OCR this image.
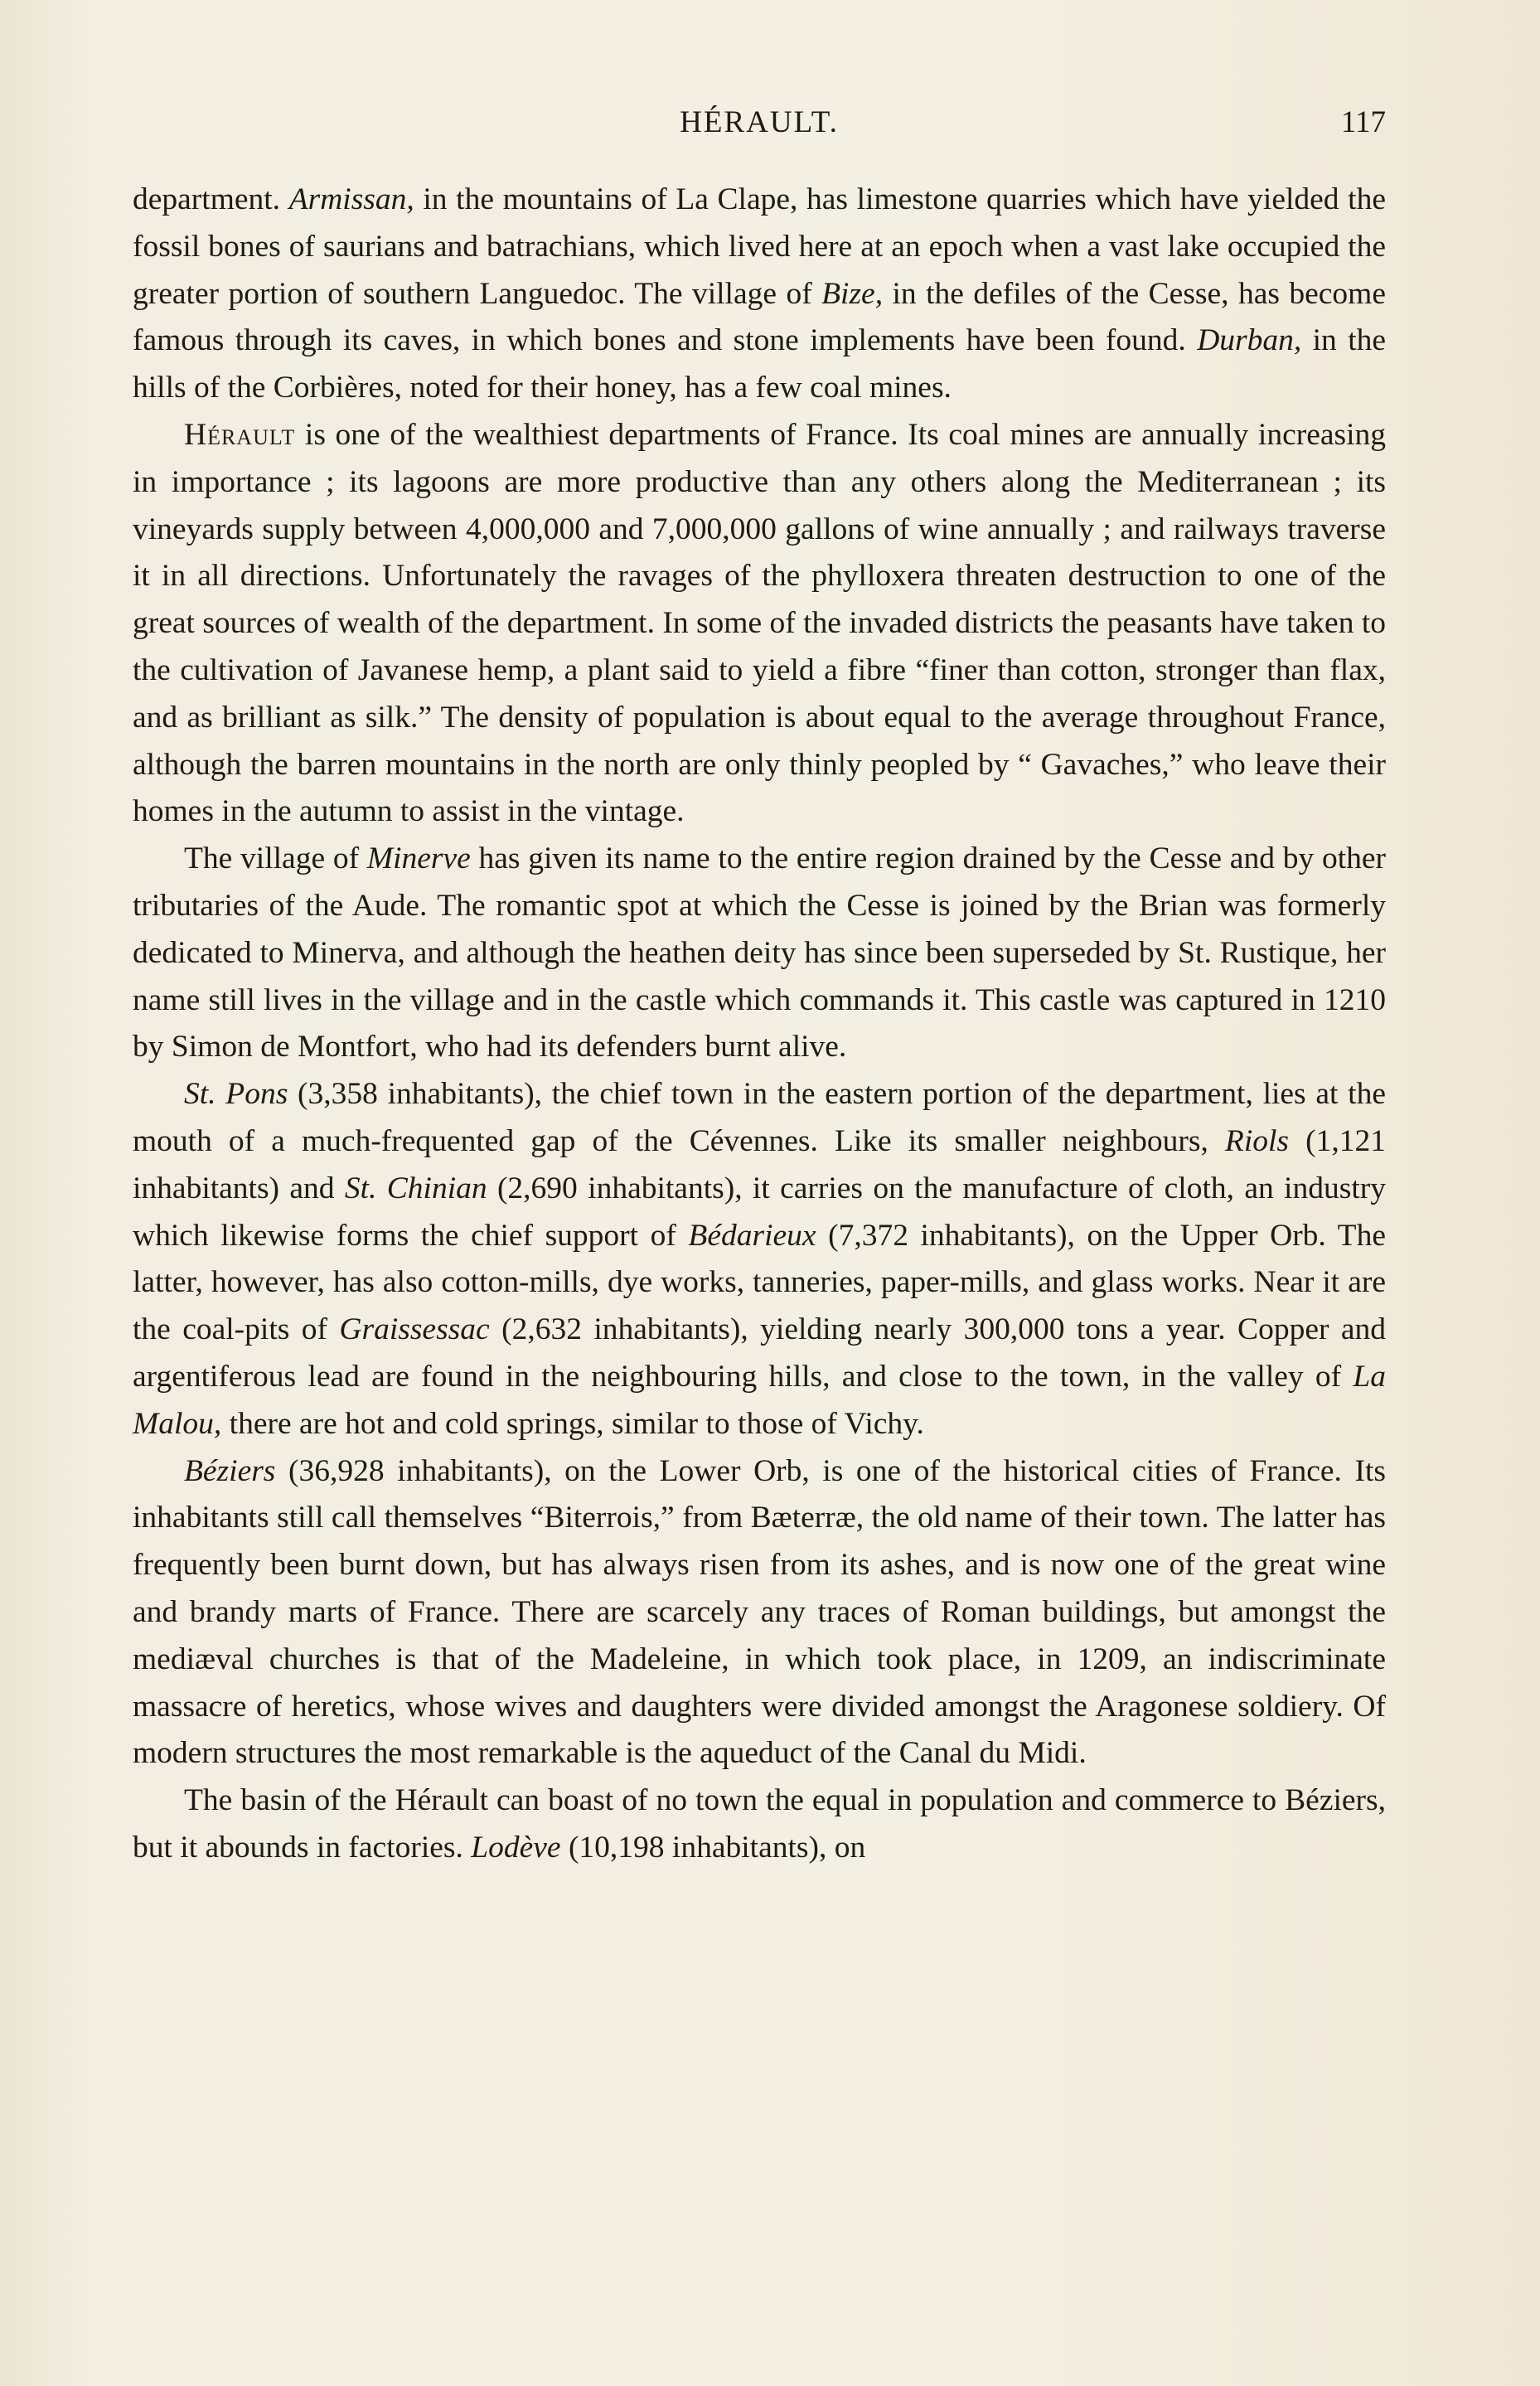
HÉRAULT.	117

department. Armissan, in the mountains of La Clape, has limestone quarries which have yielded the fossil bones of saurians and batrachians, which lived here at an epoch when a vast lake occupied the greater portion of southern Languedoc. The village of Bize, in the defiles of the Cesse, has become famous through its caves, in which bones and stone implements have been found. Durban, in the hills of the Corbières, noted for their honey, has a few coal mines.

Hérault is one of the wealthiest departments of France. Its coal mines are annually increasing in importance ; its lagoons are more productive than any others along the Mediterranean ; its vineyards supply between 4,000,000 and 7,000,000 gallons of wine annually ; and railways traverse it in all directions. Unfortunately the ravages of the phylloxera threaten destruction to one of the great sources of wealth of the department. In some of the invaded districts the peasants have taken to the cultivation of Javanese hemp, a plant said to yield a fibre “finer than cotton, stronger than flax, and as brilliant as silk.” The density of population is about equal to the average throughout France, although the barren mountains in the north are only thinly peopled by “ Gavaches,” who leave their homes in the autumn to assist in the vintage.

The village of Minerve has given its name to the entire region drained by the Cesse and by other tributaries of the Aude. The romantic spot at which the Cesse is joined by the Brian was formerly dedicated to Minerva, and although the heathen deity has since been superseded by St. Rustique, her name still lives in the village and in the castle which commands it. This castle was captured in 1210 by Simon de Montfort, who had its defenders burnt alive.

St. Pons (3,358 inhabitants), the chief town in the eastern portion of the department, lies at the mouth of a much-frequented gap of the Cévennes. Like its smaller neighbours, Riols (1,121 inhabitants) and St. Chinian (2,690 inhabitants), it carries on the manufacture of cloth, an industry which likewise forms the chief support of Bédarieux (7,372 inhabitants), on the Upper Orb. The latter, however, has also cotton-mills, dye works, tanneries, paper-mills, and glass works. Near it are the coal-pits of Graissessac (2,632 inhabitants), yielding nearly 300,000 tons a year. Copper and argentiferous lead are found in the neighbouring hills, and close to the town, in the valley of La Malou, there are hot and cold springs, similar to those of Vichy.

Béziers (36,928 inhabitants), on the Lower Orb, is one of the historical cities of France. Its inhabitants still call themselves “Biterrois,” from Bæterræ, the old name of their town. The latter has frequently been burnt down, but has always risen from its ashes, and is now one of the great wine and brandy marts of France. There are scarcely any traces of Roman buildings, but amongst the mediæval churches is that of the Madeleine, in which took place, in 1209, an indiscriminate massacre of heretics, whose wives and daughters were divided amongst the Aragonese soldiery. Of modern structures the most remarkable is the aqueduct of the Canal du Midi.

The basin of the Hérault can boast of no town the equal in population and commerce to Béziers, but it abounds in factories. Lodève (10,198 inhabitants), on
